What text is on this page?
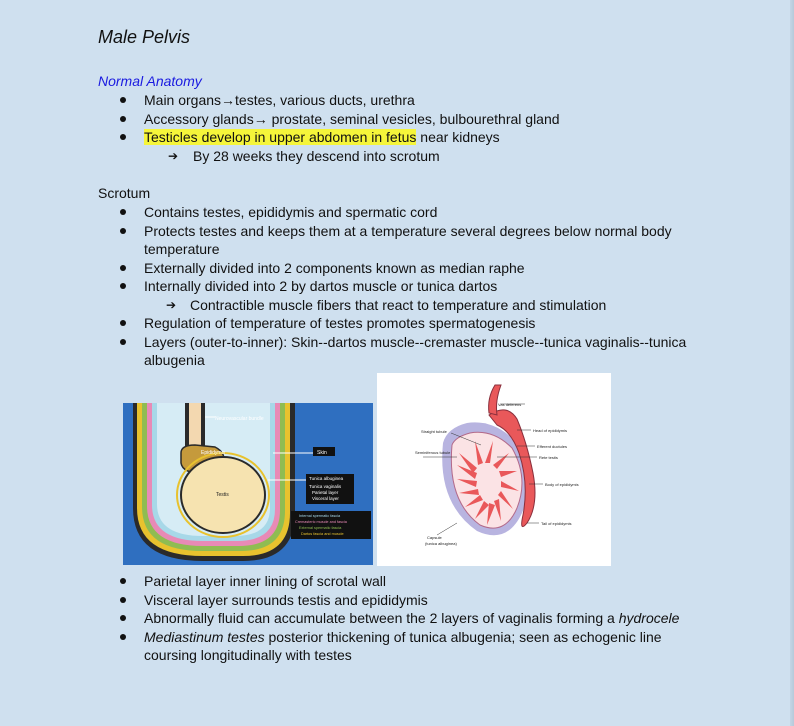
Male Pelvis
Normal Anatomy
Main organs→testes, various ducts, urethra
Accessory glands→ prostate, seminal vesicles, bulbourethral gland
Testicles develop in upper abdomen in fetus near kidneys
➔ By 28 weeks they descend into scrotum
Scrotum
Contains testes, epididymis and spermatic cord
Protects testes and keeps them at a temperature several degrees below normal body temperature
Externally divided into 2 components known as median raphe
Internally divided into 2 by dartos muscle or tunica dartos
➔ Contractible muscle fibers that react to temperature and stimulation
Regulation of temperature of testes promotes spermatogenesis
Layers (outer-to-inner): Skin--dartos muscle--cremaster muscle--tunica vaginalis--tunica albugenia
Neurovascular bundle
Epididymis
Testis
Skin
Tunica albuginea
Tunica vaginalis
Parietal layer
Visceral layer
Internal spermatic fascia
Cremasteric muscle and fascia
External spermatic fascia
Dartos fascia and muscle
Vas deferens
Straight tubule
Seminiferous tubule
Head of epididymis
Efferent ductules
Rete testis
Body of epididymis
Tail of epididymis
Capsule
(tunica albuginea)
Parietal layer inner lining of scrotal wall
Visceral layer surrounds testis and epididymis
Abnormally fluid can accumulate between the 2 layers of vaginalis forming a hydrocele
Mediastinum testes posterior thickening of tunica albugenia; seen as echogenic line coursing longitudinally with testes
